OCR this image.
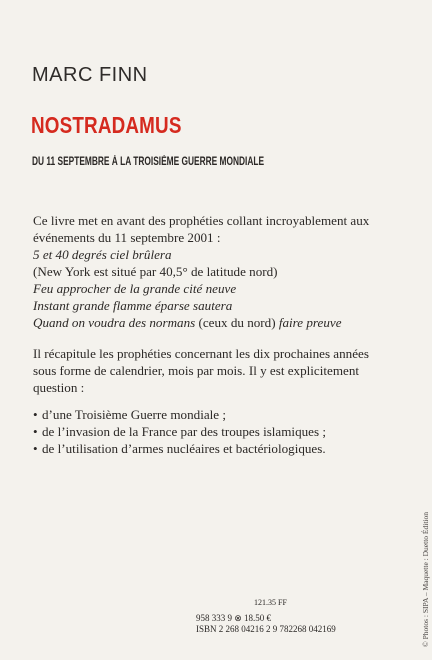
MARC FINN
NOSTRADAMUS
DU 11 SEPTEMBRE À LA TROISIÈME GUERRE MONDIALE

Ce livre met en avant des prophéties collant incroyablement aux événements du 11 septembre 2001 :

5 et 40 degrés ciel brûlera
(New York est situé par 40,5° de latitude nord)
Feu approcher de la grande cité neuve
Instant grande flamme éparse sautera
Quand on voudra des normans (ceux du nord) faire preuve

Il récapitule les prophéties concernant les dix prochaines années sous forme de calendrier, mois par mois. Il y est explicitement question :

• d’une Troisième Guerre mondiale ;
• de l’invasion de la France par des troupes islamiques ;
• de l’utilisation d’armes nucléaires et bactériologiques.
© Photos : SIPA – Maquette : Duetto Édition
121.35 FF
958 333 9 ⊗ 18.50 €
ISBN 2 268 04216 2 9 782268 042169
